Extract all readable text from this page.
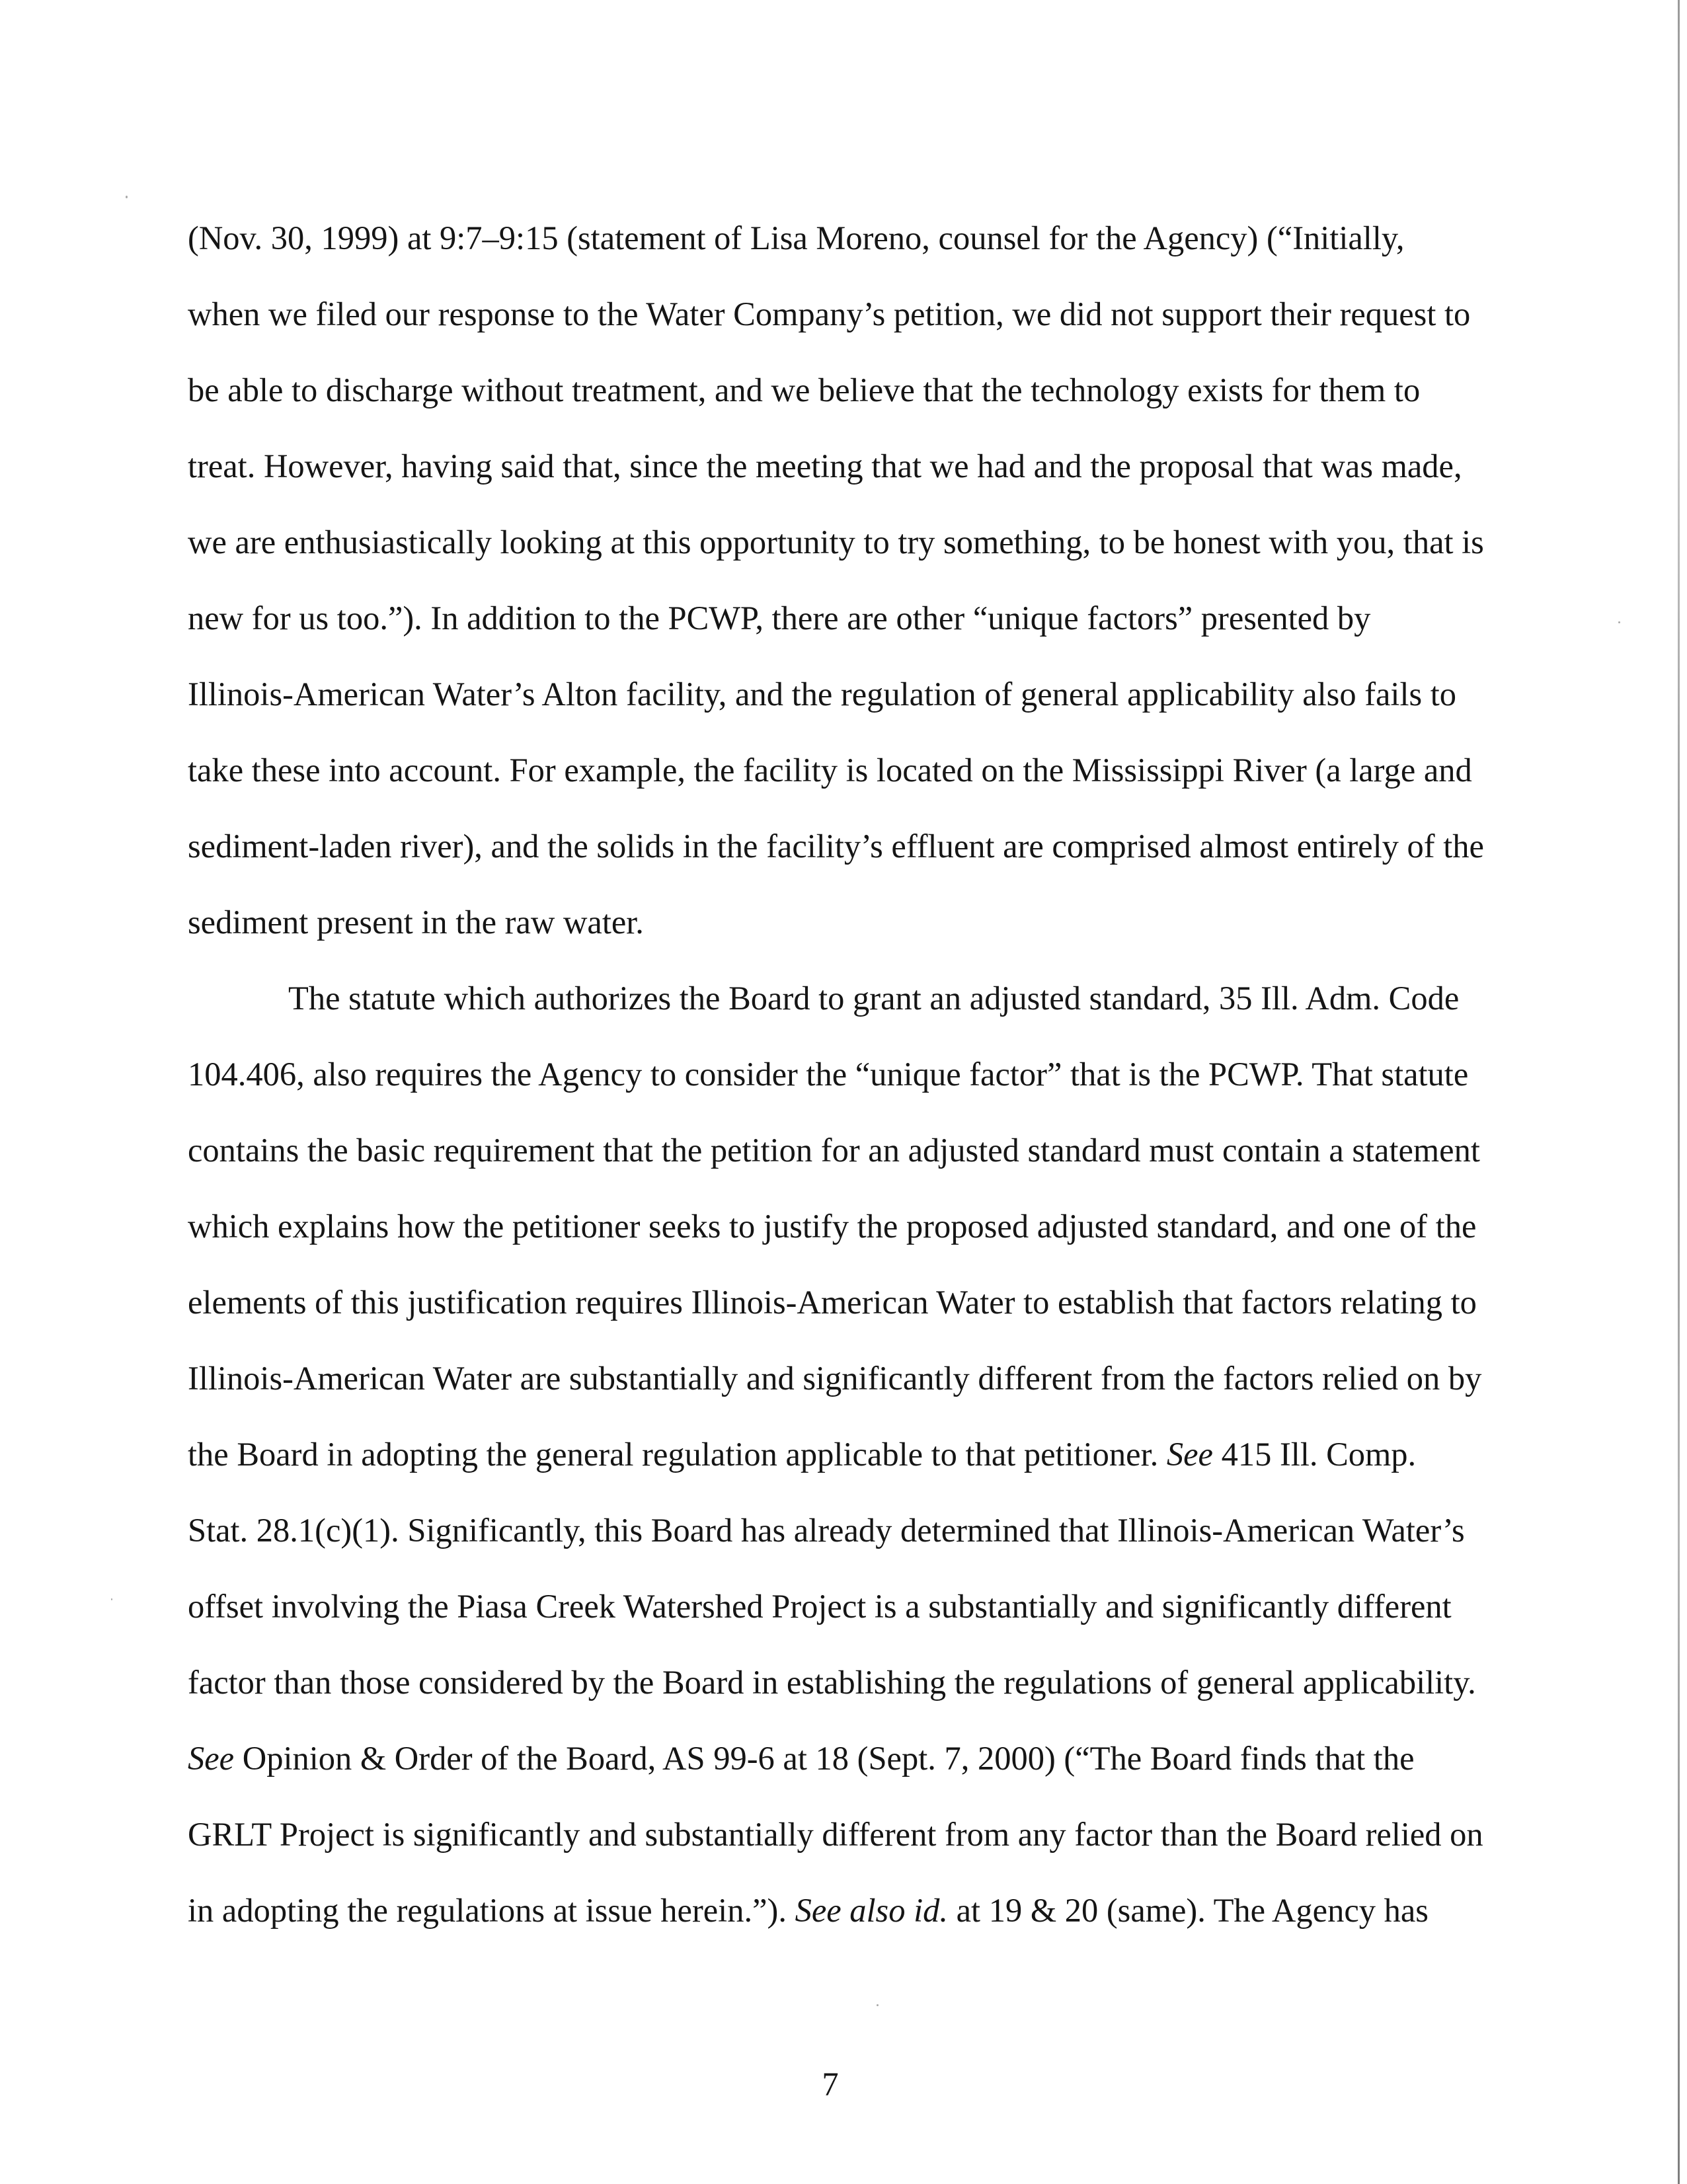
(Nov. 30, 1999) at 9:7–9:15 (statement of Lisa Moreno, counsel for the Agency) (“Initially,
when we filed our response to the Water Company’s petition, we did not support their request to
be able to discharge without treatment, and we believe that the technology exists for them to
treat. However, having said that, since the meeting that we had and the proposal that was made,
we are enthusiastically looking at this opportunity to try something, to be honest with you, that is
new for us too.”). In addition to the PCWP, there are other “unique factors” presented by
Illinois-American Water’s Alton facility, and the regulation of general applicability also fails to
take these into account. For example, the facility is located on the Mississippi River (a large and
sediment-laden river), and the solids in the facility’s effluent are comprised almost entirely of the
sediment present in the raw water.
The statute which authorizes the Board to grant an adjusted standard, 35 Ill. Adm. Code
104.406, also requires the Agency to consider the “unique factor” that is the PCWP. That statute
contains the basic requirement that the petition for an adjusted standard must contain a statement
which explains how the petitioner seeks to justify the proposed adjusted standard, and one of the
elements of this justification requires Illinois-American Water to establish that factors relating to
Illinois-American Water are substantially and significantly different from the factors relied on by
the Board in adopting the general regulation applicable to that petitioner. See 415 Ill. Comp.
Stat. 28.1(c)(1). Significantly, this Board has already determined that Illinois-American Water’s
offset involving the Piasa Creek Watershed Project is a substantially and significantly different
factor than those considered by the Board in establishing the regulations of general applicability.
See Opinion & Order of the Board, AS 99-6 at 18 (Sept. 7, 2000) (“The Board finds that the
GRLT Project is significantly and substantially different from any factor than the Board relied on
in adopting the regulations at issue herein.”). See also id. at 19 & 20 (same). The Agency has
7
